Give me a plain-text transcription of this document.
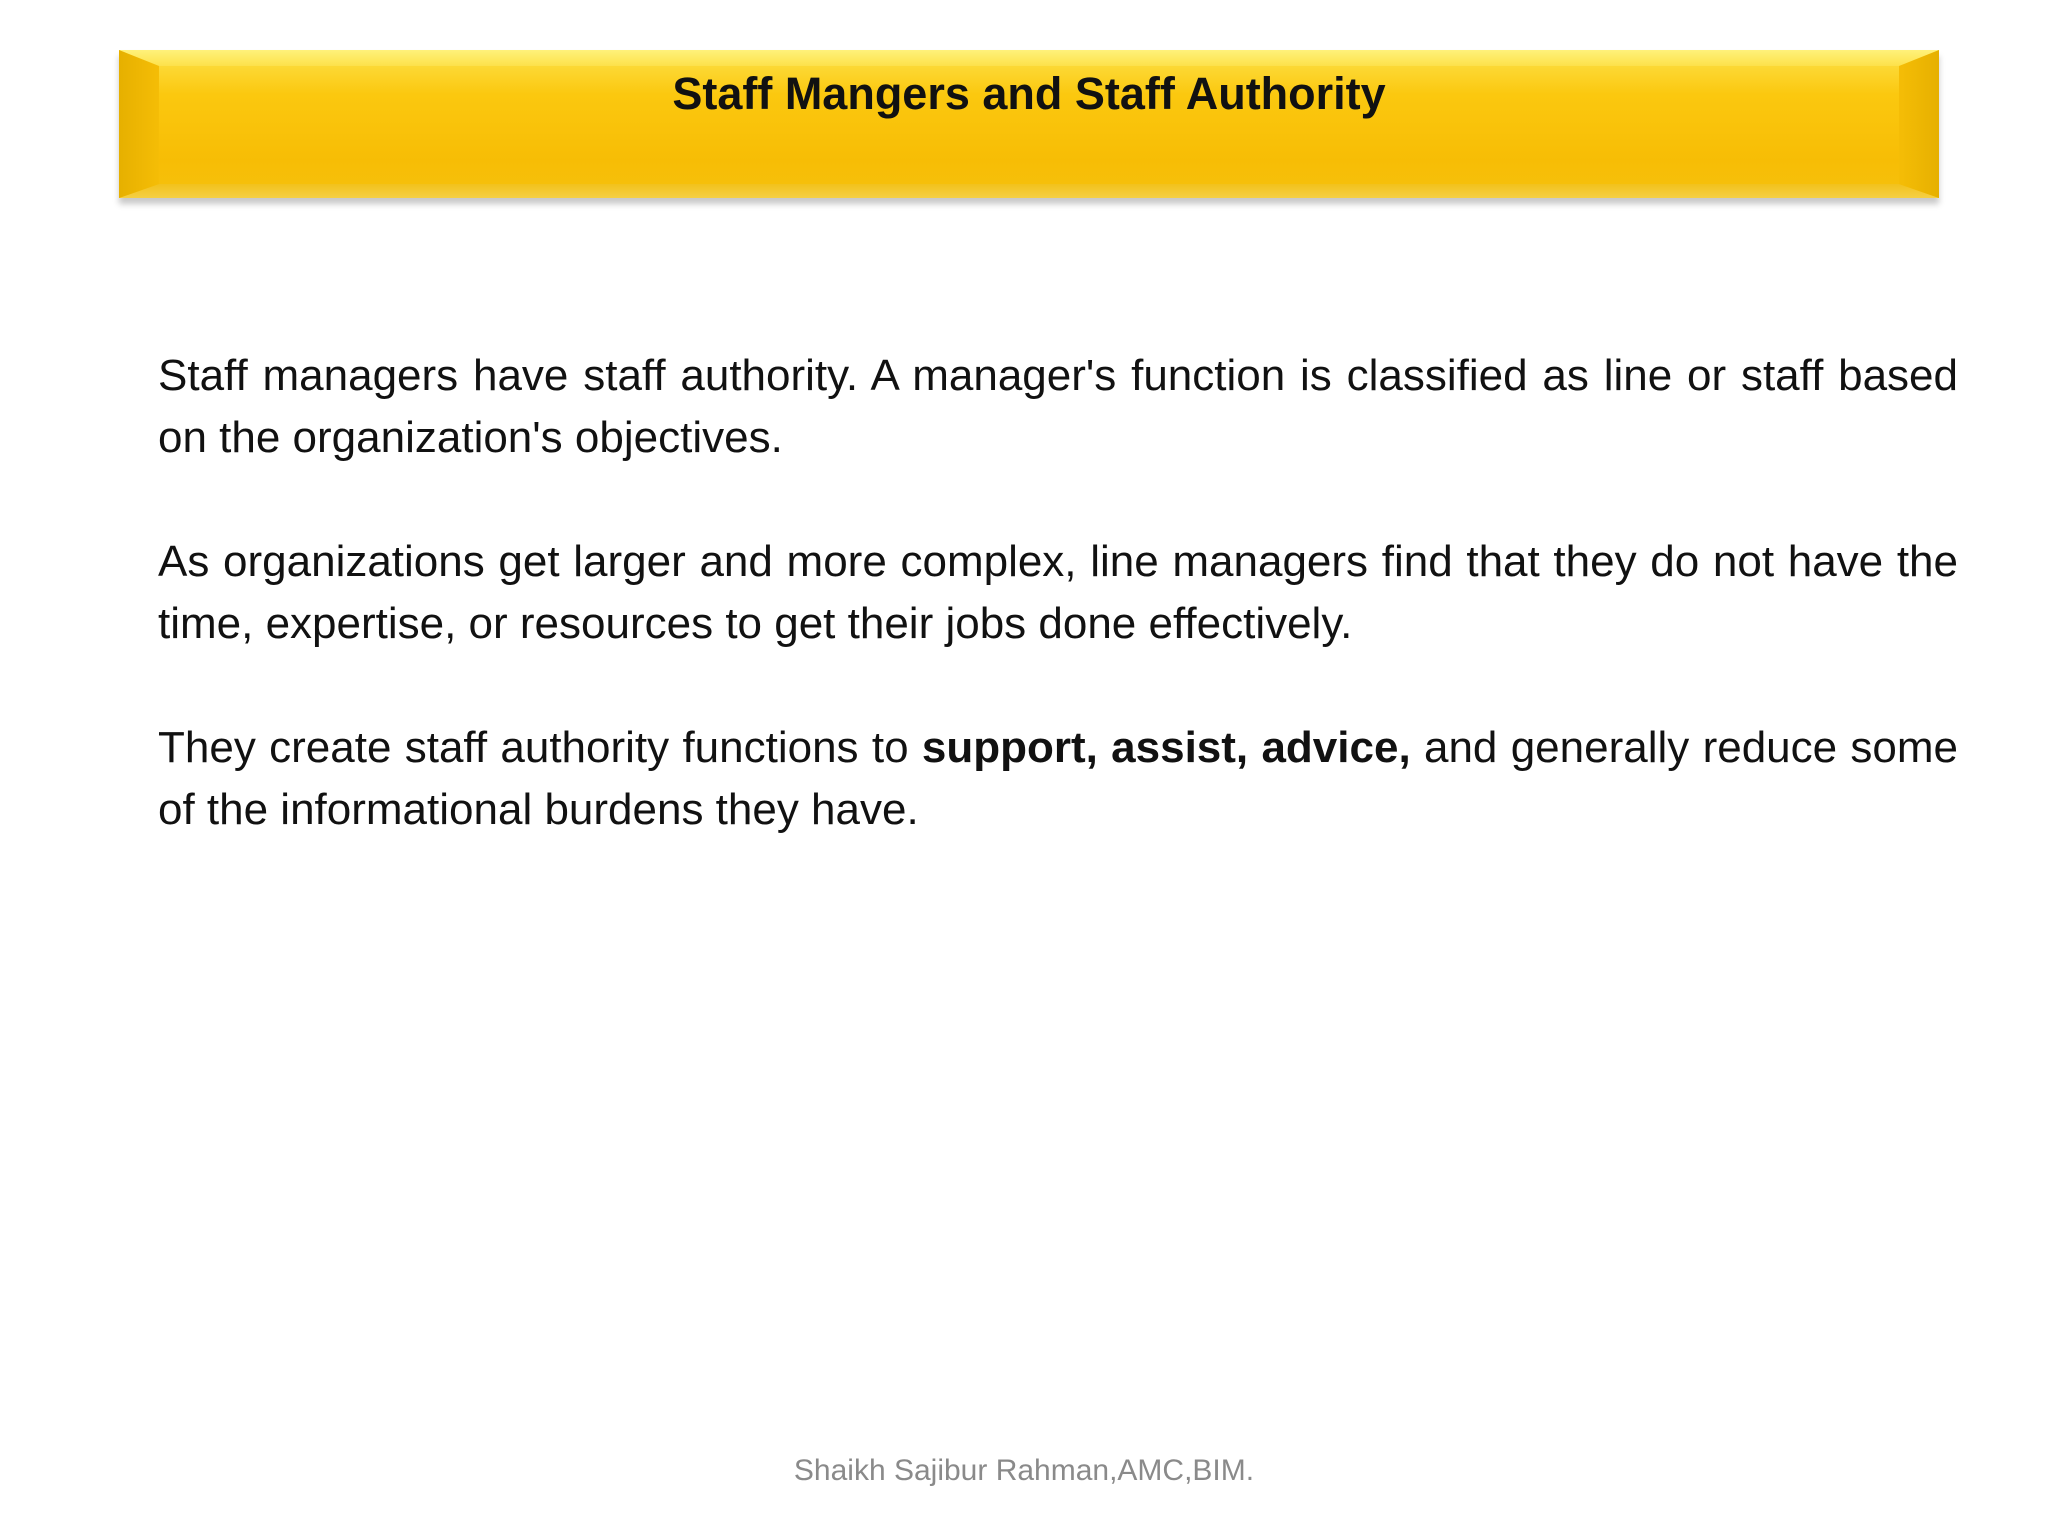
Staff Mangers and Staff Authority

Staff managers have staff authority. A manager's function is classified as line or staff based on the organization's objectives.

As organizations get larger and more complex, line managers find that they do not have the time, expertise, or resources to get their jobs done effectively.

They create staff authority functions to support, assist, advice, and generally reduce some of the informational burdens they have.

Shaikh Sajibur Rahman,AMC,BIM.
